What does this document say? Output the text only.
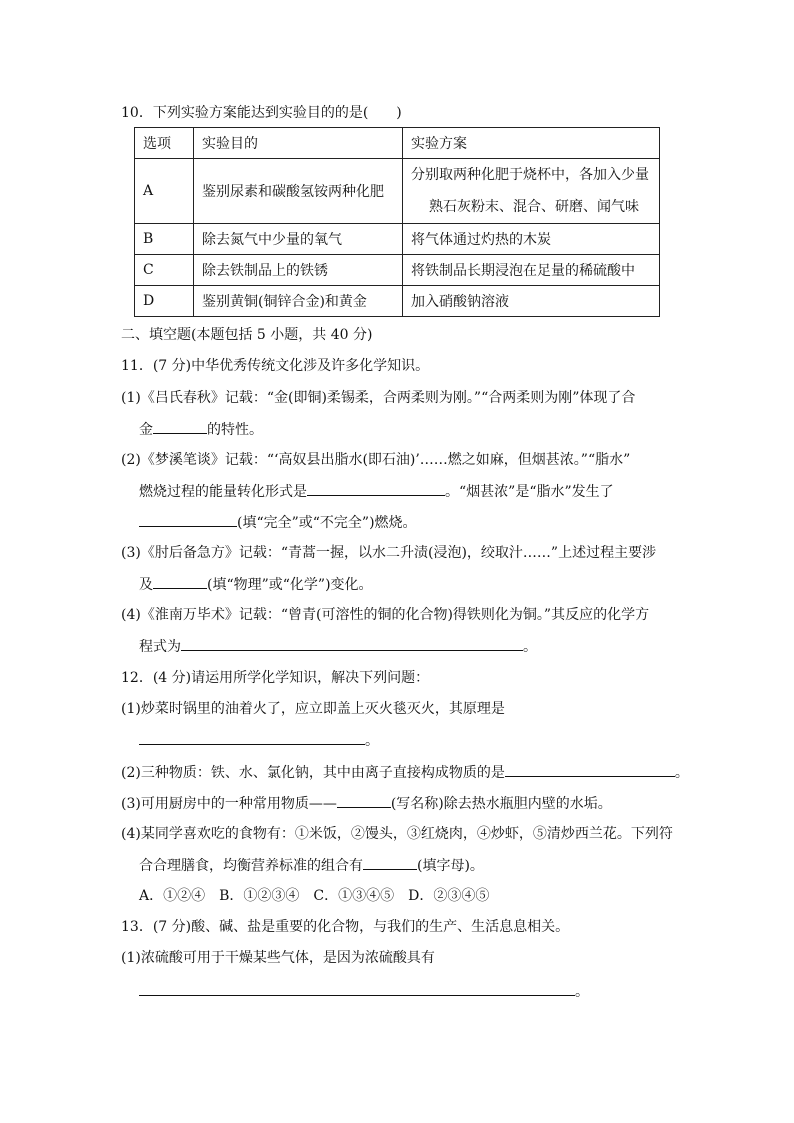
10．下列实验方案能达到实验目的的是(　　)
选项	实验目的	实验方案
A	鉴别尿素和碳酸氢铵两种化肥	分别取两种化肥于烧杯中，各加入少量
熟石灰粉末、混合、研磨、闻气味

B	除去氮气中少量的氧气	将气体通过灼热的木炭
C	除去铁制品上的铁锈	将铁制品长期浸泡在足量的稀硫酸中
D	鉴别黄铜(铜锌合金)和黄金	加入硝酸钠溶液
二、填空题(本题包括 5 小题，共 40 分)
11．(7 分)中华优秀传统文化涉及许多化学知识。
(1)《吕氏春秋》记载：“金(即铜)柔锡柔，合两柔则为刚。”“合两柔则为刚”体现了合
金	的特性。
(2)《梦溪笔谈》记载：“‘高奴县出脂水(即石油)’……燃之如麻，但烟甚浓。”“脂水”
燃烧过程的能量转化形式是	。“烟甚浓”是“脂水”发生了
(填“完全”或“不完全”)燃烧。
(3)《肘后备急方》记载：“青蒿一握，以水二升渍(浸泡)，绞取汁……”上述过程主要涉
及	(填“物理”或“化学”)变化。
(4)《淮南万毕术》记载：“曾青(可溶性的铜的化合物)得铁则化为铜。”其反应的化学方
程式为	。
12．(4 分)请运用所学化学知识，解决下列问题：
(1)炒菜时锅里的油着火了，应立即盖上灭火毯灭火，其原理是
。
(2)三种物质：铁、水、氯化钠，其中由离子直接构成物质的是	。
(3)可用厨房中的一种常用物质——	(写名称)除去热水瓶胆内壁的水垢。
(4)某同学喜欢吃的食物有：①米饭，②馒头，③红烧肉，④炒虾，⑤清炒西兰花。下列符
合合理膳食，均衡营养标准的组合有	(填字母)。
A．①②④　B．①②③④　C．①③④⑤　D．②③④⑤
13．(7 分)酸、碱、盐是重要的化合物，与我们的生产、生活息息相关。
(1)浓硫酸可用于干燥某些气体，是因为浓硫酸具有
。
